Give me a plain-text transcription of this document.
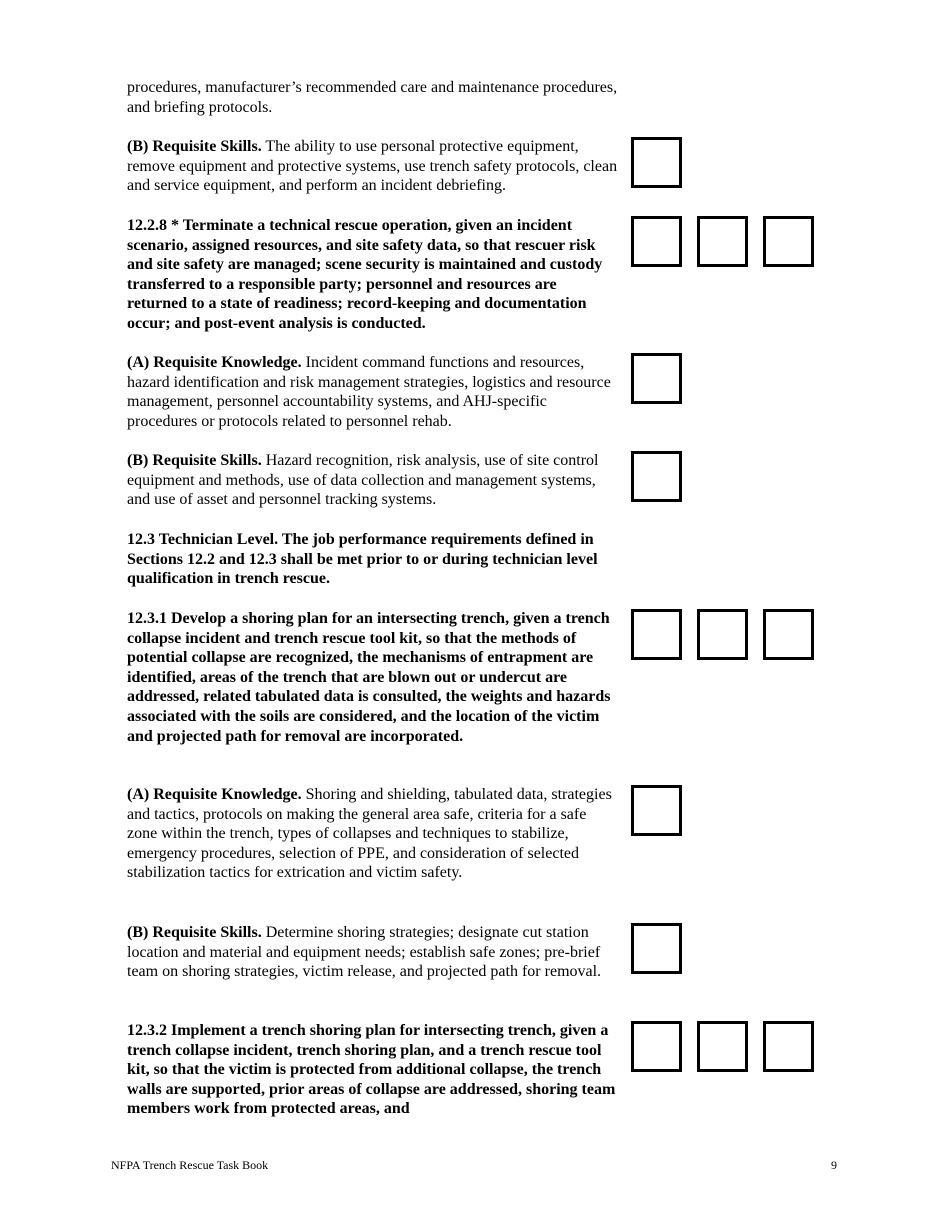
procedures, manufacturer’s recommended care and maintenance procedures, and briefing protocols.
(B) Requisite Skills. The ability to use personal protective equipment, remove equipment and protective systems, use trench safety protocols, clean and service equipment, and perform an incident debriefing.
12.2.8 * Terminate a technical rescue operation, given an incident scenario, assigned resources, and site safety data, so that rescuer risk and site safety are managed; scene security is maintained and custody transferred to a responsible party; personnel and resources are returned to a state of readiness; record-keeping and documentation occur; and post-event analysis is conducted.
(A) Requisite Knowledge. Incident command functions and resources, hazard identification and risk management strategies, logistics and resource management, personnel accountability systems, and AHJ-specific procedures or protocols related to personnel rehab.
(B) Requisite Skills. Hazard recognition, risk analysis, use of site control equipment and methods, use of data collection and management systems, and use of asset and personnel tracking systems.
12.3 Technician Level. The job performance requirements defined in Sections 12.2 and 12.3 shall be met prior to or during technician level qualification in trench rescue.
12.3.1 Develop a shoring plan for an intersecting trench, given a trench collapse incident and trench rescue tool kit, so that the methods of potential collapse are recognized, the mechanisms of entrapment are identified, areas of the trench that are blown out or undercut are addressed, related tabulated data is consulted, the weights and hazards associated with the soils are considered, and the location of the victim and projected path for removal are incorporated.
(A) Requisite Knowledge. Shoring and shielding, tabulated data, strategies and tactics, protocols on making the general area safe, criteria for a safe zone within the trench, types of collapses and techniques to stabilize, emergency procedures, selection of PPE, and consideration of selected stabilization tactics for extrication and victim safety.
(B) Requisite Skills. Determine shoring strategies; designate cut station location and material and equipment needs; establish safe zones; pre-brief team on shoring strategies, victim release, and projected path for removal.
12.3.2 Implement a trench shoring plan for intersecting trench, given a trench collapse incident, trench shoring plan, and a trench rescue tool kit, so that the victim is protected from additional collapse, the trench walls are supported, prior areas of collapse are addressed, shoring team members work from protected areas, and
NFPA Trench Rescue Task Book	9
